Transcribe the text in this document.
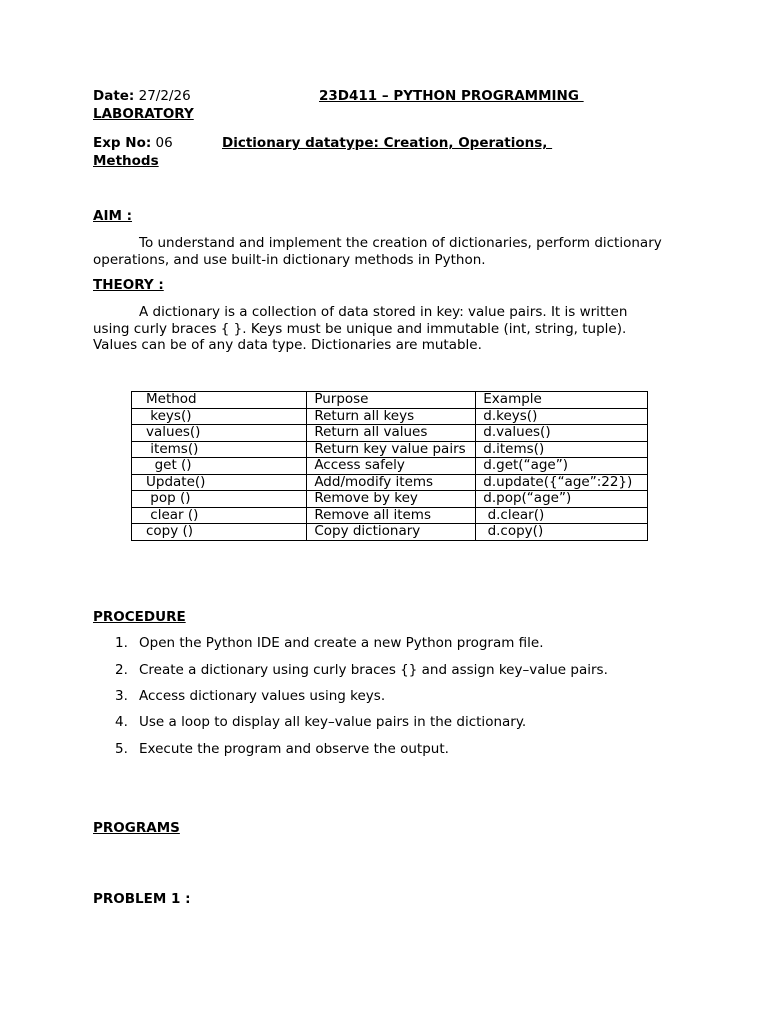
Date: 27/2/26	23D411 – PYTHON PROGRAMMING
LABORATORY
Exp No: 06	Dictionary datatype: Creation, Operations,
Methods
AIM :
To understand and implement the creation of dictionaries, perform dictionary operations, and use built-in dictionary methods in Python.
THEORY :
A dictionary is a collection of data stored in key: value pairs. It is written using curly braces { }. Keys must be unique and immutable (int, string, tuple). Values can be of any data type. Dictionaries are mutable.
Method	Purpose	Example
keys()	Return all keys	d.keys()
values()	Return all values	d.values()
items()	Return key value pairs	d.items()
get ()	Access safely	d.get(“age”)
Update()	Add/modify items	d.update({“age”:22})
pop ()	Remove by key	d.pop(“age”)
clear ()	Remove all items	d.clear()
copy ()	Copy dictionary	d.copy()
PROCEDURE
1. Open the Python IDE and create a new Python program file.
2. Create a dictionary using curly braces {} and assign key–value pairs.
3. Access dictionary values using keys.
4. Use a loop to display all key–value pairs in the dictionary.
5. Execute the program and observe the output.
PROGRAMS
PROBLEM 1 :
